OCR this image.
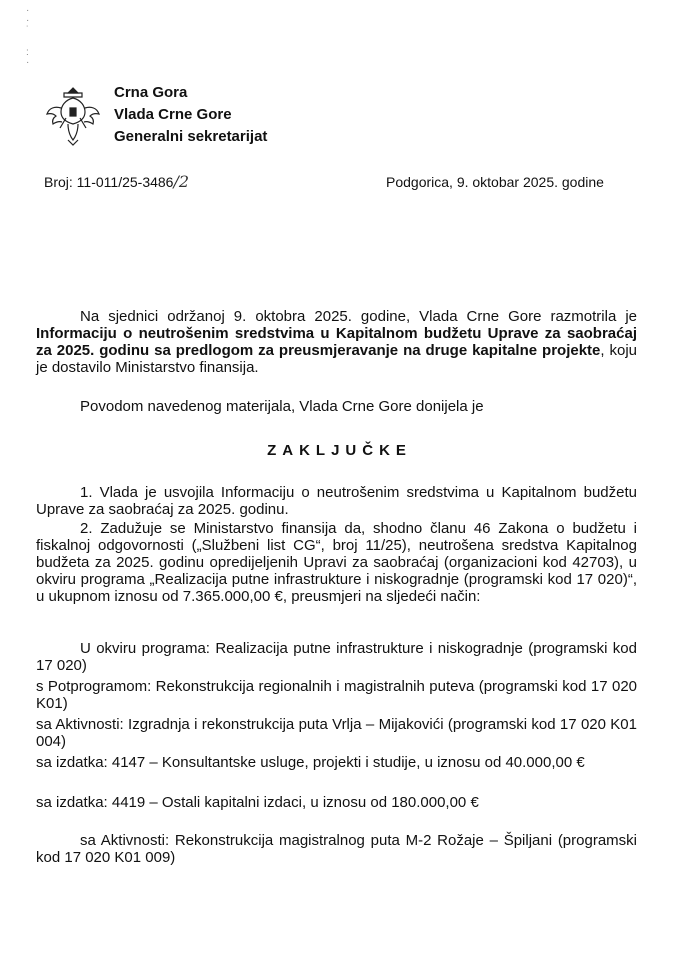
·
·
˙
:
·
Crna Gora
Vlada Crne Gore
Generalni sekretarijat
Broj: 11-011/25-3486/2	Podgorica, 9. oktobar 2025. godine
Na sjednici održanoj 9. oktobra 2025. godine, Vlada Crne Gore razmotrila je Informaciju o neutrošenim sredstvima u Kapitalnom budžetu Uprave za saobraćaj za 2025. godinu sa predlogom za preusmjeravanje na druge kapitalne projekte, koju je dostavilo Ministarstvo finansija.
Povodom navedenog materijala, Vlada Crne Gore donijela je
ZAKLJUČKE
1. Vlada je usvojila Informaciju o neutrošenim sredstvima u Kapitalnom budžetu Uprave za saobraćaj za 2025. godinu.
2. Zadužuje se Ministarstvo finansija da, shodno članu 46 Zakona o budžetu i fiskalnoj odgovornosti („Službeni list CG“, broj 11/25), neutrošena sredstva Kapitalnog budžeta za 2025. godinu opredijeljenih Upravi za saobraćaj (organizacioni kod 42703), u okviru programa „Realizacija putne infrastrukture i niskogradnje (programski kod 17 020)“, u ukupnom iznosu od 7.365.000,00 €, preusmjeri na sljedeći način:
U okviru programa: Realizacija putne infrastrukture i niskogradnje (programski kod 17 020)
s Potprogramom: Rekonstrukcija regionalnih i magistralnih puteva (programski kod 17 020 K01)
sa Aktivnosti: Izgradnja i rekonstrukcija puta Vrlja – Mijakovići (programski kod 17 020 K01 004)
sa izdatka: 4147 – Konsultantske usluge, projekti i studije, u iznosu od 40.000,00 €
sa izdatka: 4419 – Ostali kapitalni izdaci, u iznosu od 180.000,00 €
sa Aktivnosti: Rekonstrukcija magistralnog puta M-2 Rožaje – Špiljani (programski kod 17 020 K01 009)
